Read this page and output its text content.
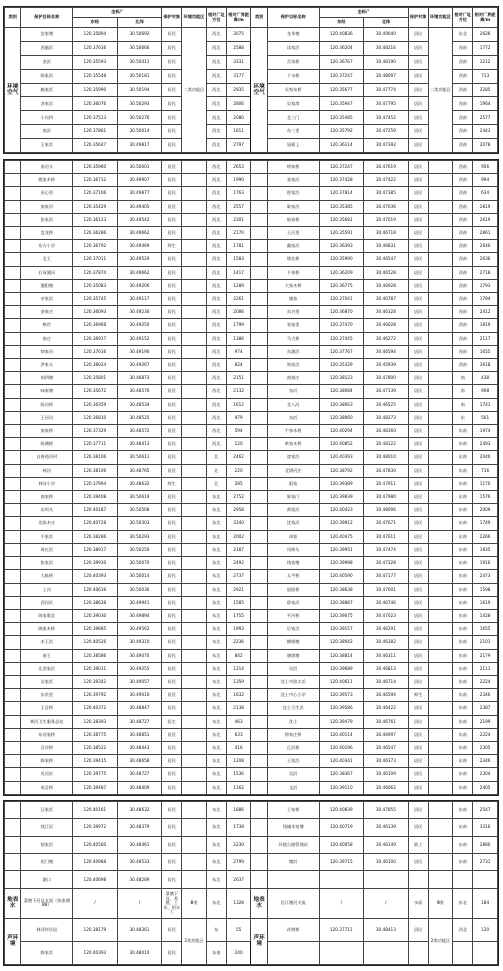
类别	保护目标名称	坐标/°		保护对象	环境功能区	相对厂址方位	相对厂界距离/m	类别	保护目标名称	坐标/°		保护对象	环境功能区	相对厂址方位	相对厂界距离/m
		东经	北纬							东经	北纬				
环境空气	沈家塘	120.35894	30.50692	居民	二类功能区	西北	3075	环境空气	龙华塘	120.40836	30.49040	居民	二类功能区	东北	2626
	西施浜	120.37616	30.50666	居民		西北	2588		读家浜	120.36204	30.48216	居民		西南	1772
	金浜	120.35593	30.50411	居民		西北	3331		吾读桥	120.36767	30.48190	居民		西南	1212
	陈家浜	120.35548	30.50181	居民		西北	3177		下水桥	120.37247	30.48097	居民		西南	713
	姚家浜	120.35990	30.50194	居民		西北	2935		吴家东桥	120.35677	30.47774	居民		西南	2285
	各家浜	120.36076	30.50293	居民		西北	2806		吴家湾	120.35947	30.47795	居民		西南	1964
	小河四	120.37513	30.50276	居民		西北	2080		北三门	120.35485	30.47452	居民		西南	2577
	南浜	120.37861	30.50014	居民		西北	1811		东三里	120.35792	30.47259	居民		西南	2443
	王家浜	120.35647	30.49817	居民		西北	2797		届板上	120.36114	30.47392	居民		西南	2078
	南河头	120.35960	30.50001	居民		西北	2653		徐家桥	120.37247	30.47619	居民		西南	956
	姚家木桥	120.36712	30.49907	居民		西北	1990		张家浜	120.37428	30.47422	居民		西南	994
	田心里	120.37106	30.49877	居民		西北	1763		倪家浜	120.37814	30.47385	居民		西南	634
	南家河	120.35429	30.49405	居民		西北	2557		陈家浜	120.35385	30.47036	居民		西南	2819
	张家浜	120.36123	30.49542	居民		西北	2301		陆家桥	120.35681	30.47019	居民		西南	2619
	盘龙桥	120.36286	30.49662	居民		西北	2170		王河里	120.35591	30.46718	居民		西南	2861
	东方小学	120.36792	30.49469	师生		西北	1781		戴家浜	120.36393	30.46831	居民		西南	2640
	北王	120.37011	30.49529	居民		西北	1583		塔北桥	120.35990	30.46547	居民		西南	2636
	后成湖河	120.37874	30.49662	居民		西北	1417		千家桥	120.36209	30.46528	居民		西南	2718
	港阳塘	120.35083	30.49206	居民		西北	1289		大家木桥	120.36775	30.46928	居民		西南	1793
	亲家浜	120.35745	30.49117	居民		西北	2261		姚家	120.37041	30.46787	居民		西南	1794
	金家庄	120.36093	30.49230	居民		西北	2086		东谷里	120.36870	30.46328	居民		西南	2412
	柴岸	120.36968	30.49250	居民		西北	1799		张家里	120.37470	30.46028	居民		西南	1819
	南庄	120.36917	30.49152	居民		西北	1386		马大桥	120.37445	30.46272	居民		西南	2117
	徐家河	120.37616	30.49190	居民		西北	974		东湖浜	120.37767	30.46594	居民		西南	1655
	洪家头	120.38024	30.49267	居民		西北	824		周家浜	120.35329	30.45939	居民		西南	3618
	胡四塘	120.35801	30.48873	居民		西北	2151		南家庄	120.38123	30.47800	居民		南	438
	咏家塘	120.35672	30.48576	居民		西北	2132		东浜	120.38084	30.47139	居民		南	908
	陈河桥	120.36359	30.48534	居民		西北	1612		北八河	120.38063	30.46525	居民		南	1741
	王河河	120.36810	30.48525	居民		西北	979		东浜	120.38960	30.48273	居民		东	561
	南家桥	120.37329	30.48572	居民		西北	594		千家木桥	120.40294	30.48160	居民		东南	1974
	陈塘桥	120.37711	30.48413	居民		西北	120		黄家木桥	120.40852	30.48122	居民		东南	2493
	自香苑河村	120.38106	30.50611	居民		北	2462		漆家浜	120.40393	30.48010	居民		东南	2040
	林河	120.38106	30.48765	居民		北	220		北塔河庄	120.38792	30.47830	居民		东南	716
	林河小学	120.37994	30.48632	师生		北	285		阳家	120.39389	30.47911	居民		东南	1170
	南家桥	120.39408	30.50619	居民		东北	2752		陈家门	120.39839	30.47980	居民		东南	1576
	东坝头	120.40187	30.50508	居民		东北	2958		黄家浜	120.40423	30.48006	居民		东南	2009
	北陈木庄	120.40728	30.50303	居民		东北	3340		沈家浜	120.39912	30.47671	居民		东南	1749
	千家浜	120.38286	30.50293	居民		东北	2002		周家	120.40475	30.47611	居民		东南	2266
	周庄浜	120.38917	30.50250	居民		东北	2187		凤桥头	120.39951	30.47474	居民		东南	1835
	张家浜	120.39930	30.50070	居民		东北	2492		钱家塘	120.39998	30.47328	居民		东南	1916
	大陈桥	120.40393	30.50014	居民		东北	2737		太平桥	120.40590	30.47177	居民		东南	2473
	上河	120.40616	30.50036	居民		东北	2921		晨阳桥	120.38638	30.47001	居民		东南	1598
	西河浜	120.38638	30.49941	居民		东北	1585		辞家浜	120.38887	30.46746	居民		东南	1619
	陈家奥北	120.39030	30.49894	居民		东北	1755		平河桥	120.39075	30.47023	居民		东南	1428
	顾家木桥	120.39685	30.49562	居民		东北	1993		后家浜	120.39157	30.46291	居民		东南	1655
	木王浜	120.40526	30.49310	居民		东北	2236		横塔塘	120.38942	30.46382	居民		东南	2101
	南王	120.38586	30.49070	居民		东北	842		塘塔塘	120.38814	30.46311	居民		东南	2179
	北西家浜	120.39011	30.49255	居民		东北	1214		吴浜	120.39689	30.46813	居民		东南	2111
	吴家浜	120.39342	30.49057	居民		东北	1359		沈士中滨丰浜	120.40611	30.46714	居民		东南	2224
	东浜里	120.39792	30.49010	居民		东北	1632		沈士中心小学	120.39573	30.46594	师生		东南	2346
	王吾桥	120.40372	30.48847	居民		东北	2138		沈士卫生浜	120.39586	30.46422	居民		东南	2387
	林河卫生服务总站	120.38393	30.48727	医生		东北	463		沈士	120.39479	30.46761	居民		东南	2199
	东河家桥	120.38775	30.48851	居民		东北	633		徐家庄桥	120.40114	30.46997	居民		东南	2224
	吾谷桥	120.38522	30.48443	居民		东北	416		正浜桥	120.40196	30.46547	居民		东南	2305
	陈家桥	120.39415	30.48658	居民		东北	1208		王家浜	120.40341	30.46373	居民		东南	2346
	吴河浜	120.39775	30.48727	居民		东北	1536		吴浜	120.38367	30.46109	居民		东南	2304
	南吾桥	120.39487	30.48409	居民		东北	1162		文浜	120.39110	30.46062	居民		东南	2405
	汪家浜	120.40161	30.48632	居民		东北	1886		王家桥	120.40839	30.47855	居民		东南	2547
	钱江浜	120.39972	30.48379	居民		东北	1738		钱城木家塘	120.40719	30.46139	居民		东南	3316
	梨家浜	120.40560	30.48461	居民		东北	2230		环境公路管理站	120.40058	30.46149	职工		东南	2880
	坦门塘	120.40988	30.48533	居民		东北	2799		塘浜	120.39715	30.46100	居民		东南	2731
	港口	120.40698	30.48289	居民		东北	2637								
地表水	菜塘下河及支流（执家塘 88）	/	/	菜塘下河、养殖、工业、用水工	Ⅲ类	东北	1328	地表水	沿江塘河支流	/	/	水质	Ⅲ类	东北	184
声环境	林河村民居	120.38179	30.48361	居民	2类功能区	东	55	声环境	祥塔桥	120.37711	30.48413	居民	2类功能区	西北	120
	陈家浜	120.40393	30.48010	居民		东南	240								
